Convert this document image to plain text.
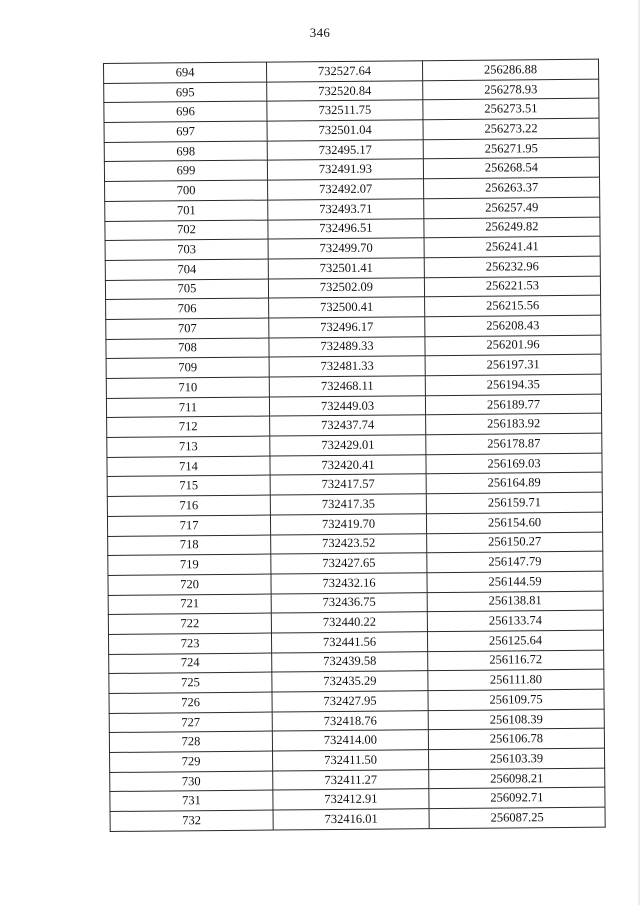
346
694	732527.64	256286.88
695	732520.84	256278.93
696	732511.75	256273.51
697	732501.04	256273.22
698	732495.17	256271.95
699	732491.93	256268.54
700	732492.07	256263.37
701	732493.71	256257.49
702	732496.51	256249.82
703	732499.70	256241.41
704	732501.41	256232.96
705	732502.09	256221.53
706	732500.41	256215.56
707	732496.17	256208.43
708	732489.33	256201.96
709	732481.33	256197.31
710	732468.11	256194.35
711	732449.03	256189.77
712	732437.74	256183.92
713	732429.01	256178.87
714	732420.41	256169.03
715	732417.57	256164.89
716	732417.35	256159.71
717	732419.70	256154.60
718	732423.52	256150.27
719	732427.65	256147.79
720	732432.16	256144.59
721	732436.75	256138.81
722	732440.22	256133.74
723	732441.56	256125.64
724	732439.58	256116.72
725	732435.29	256111.80
726	732427.95	256109.75
727	732418.76	256108.39
728	732414.00	256106.78
729	732411.50	256103.39
730	732411.27	256098.21
731	732412.91	256092.71
732	732416.01	256087.25
